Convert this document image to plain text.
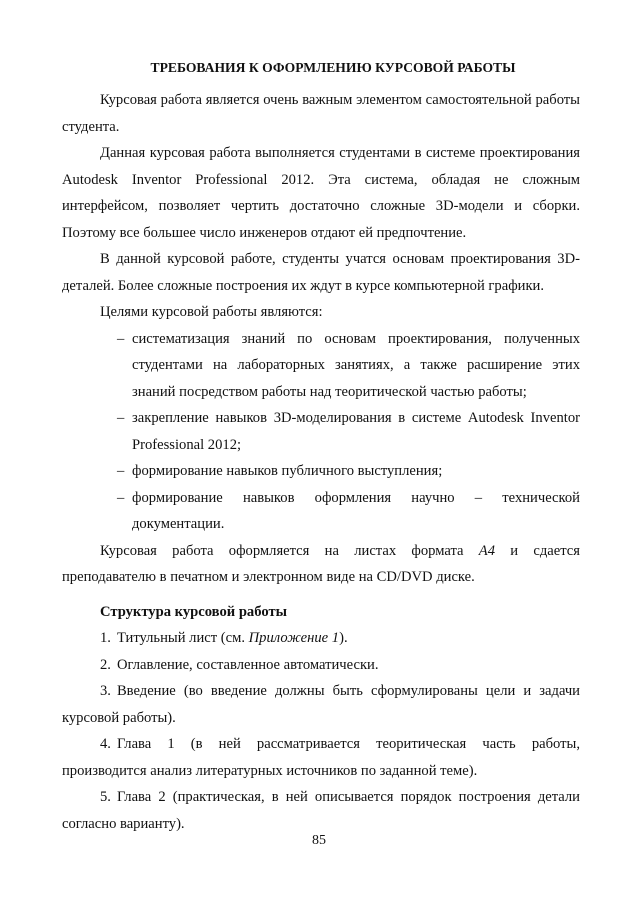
ТРЕБОВАНИЯ К ОФОРМЛЕНИЮ КУРСОВОЙ РАБОТЫ

Курсовая работа является очень важным элементом самостоятельной работы студента.

Данная курсовая работа выполняется студентами в системе проектирования Autodesk Inventor Professional 2012. Эта система, обладая не сложным интерфейсом, позволяет чертить достаточно сложные 3D-модели и сборки. Поэтому все большее число инженеров отдают ей предпочтение.

В данной курсовой работе, студенты учатся основам проектирования 3D-деталей. Более сложные построения их ждут в курсе компьютерной графики.

Целями курсовой работы являются:

– систематизация знаний по основам проектирования, полученных студентами на лабораторных занятиях, а также расширение этих знаний посредством работы над теоритической частью работы;
– закрепление навыков 3D-моделирования в системе Autodesk Inventor Professional 2012;
– формирование навыков публичного выступления;
– формирование навыков оформления научно – технической документации.

Курсовая работа оформляется на листах формата А4 и сдается преподавателю в печатном и электронном виде на CD/DVD диске.

Структура курсовой работы

1. Титульный лист (см. Приложение 1).

2. Оглавление, составленное автоматически.

3. Введение (во введение должны быть сформулированы цели и задачи курсовой работы).

4. Глава 1 (в ней рассматривается теоритическая часть работы, производится анализ литературных источников по заданной теме).

5. Глава 2 (практическая, в ней описывается порядок построения детали согласно варианту).

85
